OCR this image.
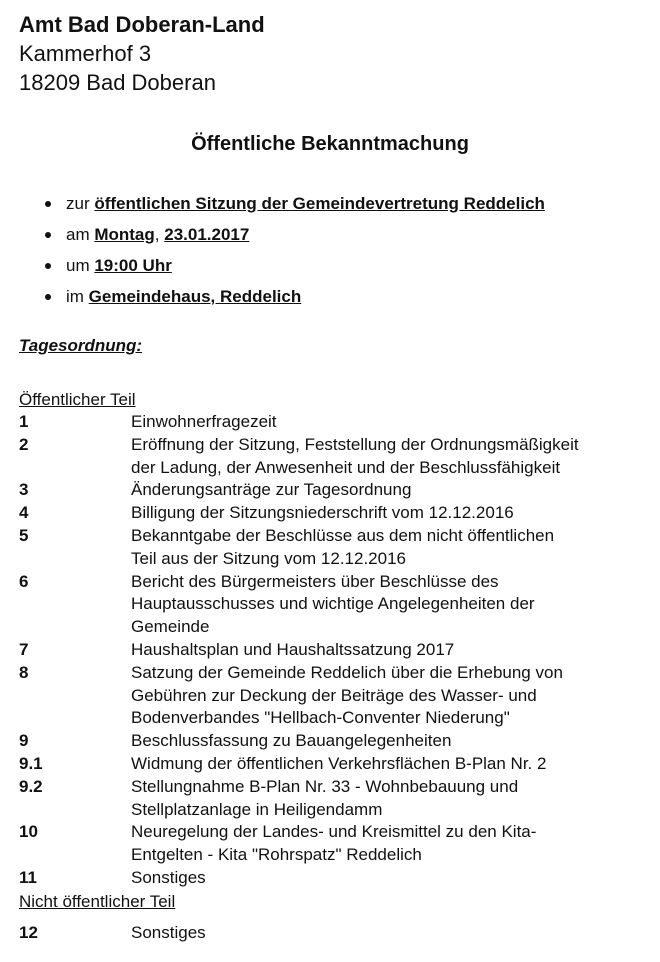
Amt Bad Doberan-Land
Kammerhof 3
18209 Bad Doberan
Öffentliche Bekanntmachung
zur öffentlichen Sitzung der Gemeindevertretung Reddelich
am Montag, 23.01.2017
um 19:00 Uhr
im Gemeindehaus, Reddelich
Tagesordnung:
Öffentlicher Teil
1	Einwohnerfragezeit
2	Eröffnung der Sitzung, Feststellung der Ordnungsmäßigkeit
der Ladung, der Anwesenheit und der Beschlussfähigkeit
3	Änderungsanträge zur Tagesordnung
4	Billigung der Sitzungsniederschrift vom 12.12.2016
5	Bekanntgabe der Beschlüsse aus dem nicht öffentlichen
Teil aus der Sitzung vom 12.12.2016
6	Bericht des Bürgermeisters über Beschlüsse des
Hauptausschusses und wichtige Angelegenheiten der
Gemeinde
7	Haushaltsplan und Haushaltssatzung 2017
8	Satzung der Gemeinde Reddelich über die Erhebung von
Gebühren zur Deckung der Beiträge des Wasser- und
Bodenverbandes "Hellbach-Conventer Niederung"
9	Beschlussfassung zu Bauangelegenheiten
9.1	Widmung der öffentlichen Verkehrsflächen B-Plan Nr. 2
9.2	Stellungnahme B-Plan Nr. 33 - Wohnbebauung und
Stellplatzanlage in Heiligendamm
10	Neuregelung der Landes- und Kreismittel zu den Kita-
Entgelten - Kita "Rohrspatz" Reddelich
11	Sonstiges
Nicht öffentlicher Teil
12	Sonstiges
